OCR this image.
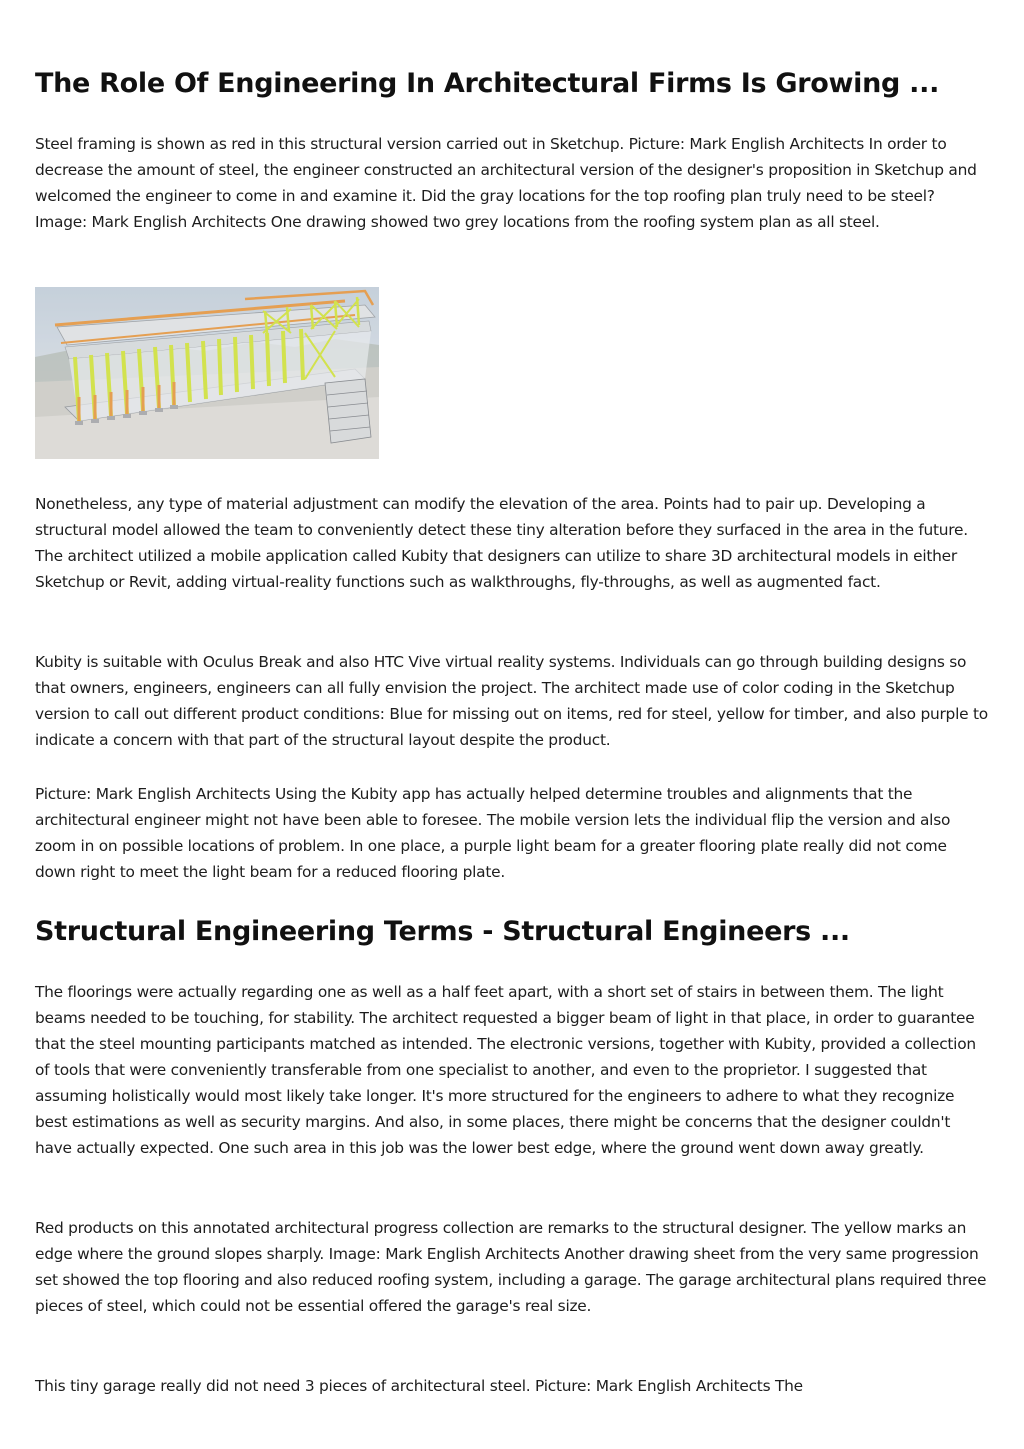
The Role Of Engineering In Architectural Firms Is Growing ...

Steel framing is shown as red in this structural version carried out in Sketchup. Picture: Mark English Architects In order to decrease the amount of steel, the engineer constructed an architectural version of the designer's proposition in Sketchup and welcomed the engineer to come in and examine it. Did the gray locations for the top roofing plan truly need to be steel? Image: Mark English Architects One drawing showed two grey locations from the roofing system plan as all steel.

Nonetheless, any type of material adjustment can modify the elevation of the area. Points had to pair up. Developing a structural model allowed the team to conveniently detect these tiny alteration before they surfaced in the area in the future. The architect utilized a mobile application called Kubity that designers can utilize to share 3D architectural models in either Sketchup or Revit, adding virtual-reality functions such as walkthroughs, fly-throughs, as well as augmented fact.

Kubity is suitable with Oculus Break and also HTC Vive virtual reality systems. Individuals can go through building designs so that owners, engineers, engineers can all fully envision the project. The architect made use of color coding in the Sketchup version to call out different product conditions: Blue for missing out on items, red for steel, yellow for timber, and also purple to indicate a concern with that part of the structural layout despite the product.

Picture: Mark English Architects Using the Kubity app has actually helped determine troubles and alignments that the architectural engineer might not have been able to foresee. The mobile version lets the individual flip the version and also zoom in on possible locations of problem. In one place, a purple light beam for a greater flooring plate really did not come down right to meet the light beam for a reduced flooring plate.

Structural Engineering Terms - Structural Engineers ...

The floorings were actually regarding one as well as a half feet apart, with a short set of stairs in between them. The light beams needed to be touching, for stability. The architect requested a bigger beam of light in that place, in order to guarantee that the steel mounting participants matched as intended. The electronic versions, together with Kubity, provided a collection of tools that were conveniently transferable from one specialist to another, and even to the proprietor. I suggested that assuming holistically would most likely take longer. It's more structured for the engineers to adhere to what they recognize best estimations as well as security margins. And also, in some places, there might be concerns that the designer couldn't have actually expected. One such area in this job was the lower best edge, where the ground went down away greatly.

Red products on this annotated architectural progress collection are remarks to the structural designer. The yellow marks an edge where the ground slopes sharply. Image: Mark English Architects Another drawing sheet from the very same progression set showed the top flooring and also reduced roofing system, including a garage. The garage architectural plans required three pieces of steel, which could not be essential offered the garage's real size.

This tiny garage really did not need 3 pieces of architectural steel. Picture: Mark English Architects The
